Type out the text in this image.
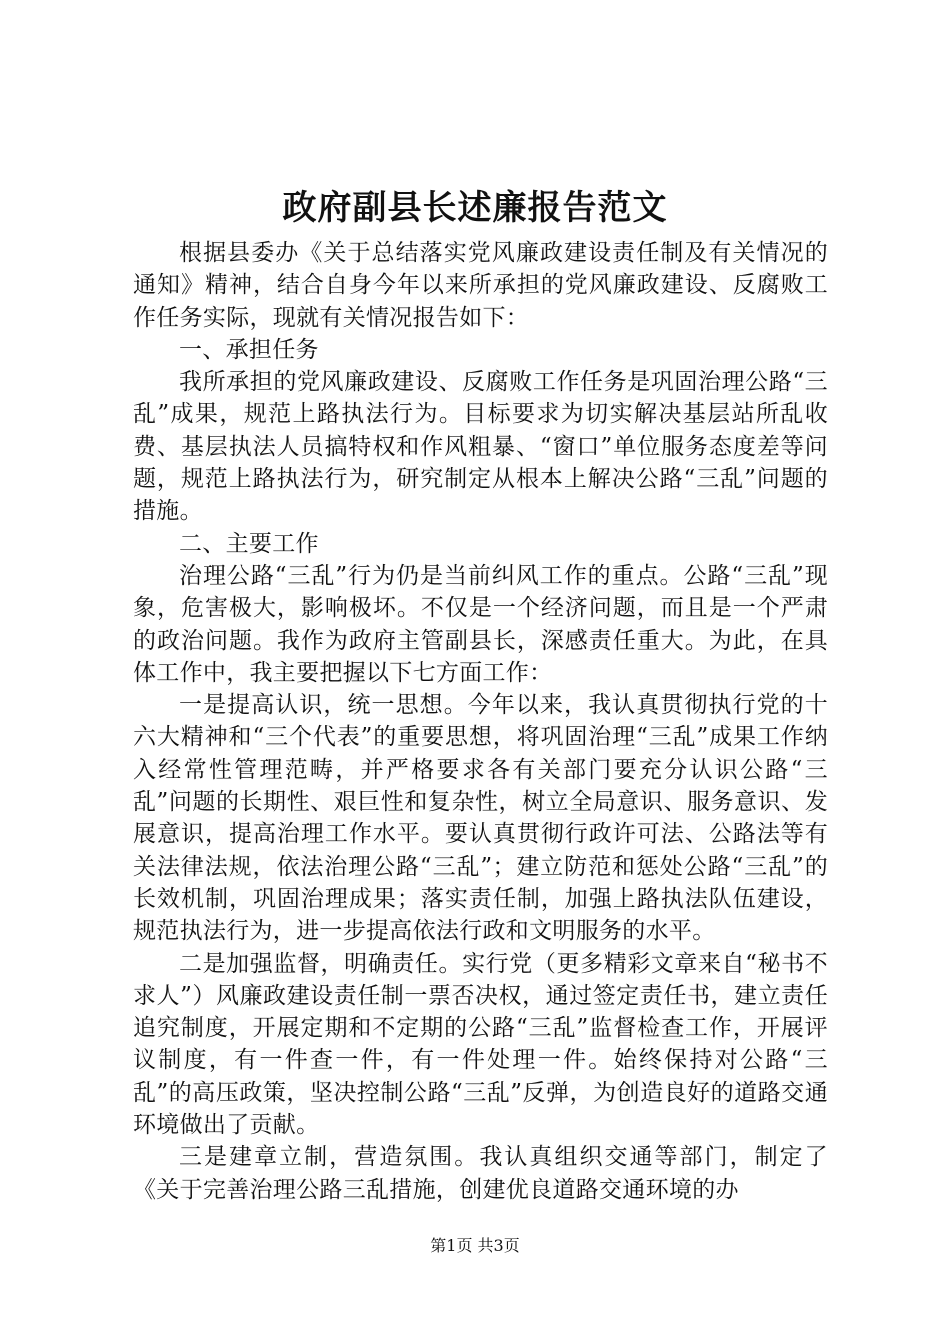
政府副县长述廉报告范文

根据县委办《关于总结落实党风廉政建设责任制及有关情况的通知》精神，结合自身今年以来所承担的党风廉政建设、反腐败工作任务实际，现就有关情况报告如下：

一、承担任务

我所承担的党风廉政建设、反腐败工作任务是巩固治理公路“三乱”成果，规范上路执法行为。目标要求为切实解决基层站所乱收费、基层执法人员搞特权和作风粗暴、“窗口”单位服务态度差等问题，规范上路执法行为，研究制定从根本上解决公路“三乱”问题的措施。

二、主要工作

治理公路“三乱”行为仍是当前纠风工作的重点。公路“三乱”现象，危害极大，影响极坏。不仅是一个经济问题，而且是一个严肃的政治问题。我作为政府主管副县长，深感责任重大。为此，在具体工作中，我主要把握以下七方面工作：

一是提高认识，统一思想。今年以来，我认真贯彻执行党的十六大精神和“三个代表”的重要思想，将巩固治理“三乱”成果工作纳入经常性管理范畴，并严格要求各有关部门要充分认识公路“三乱”问题的长期性、艰巨性和复杂性，树立全局意识、服务意识、发展意识，提高治理工作水平。要认真贯彻行政许可法、公路法等有关法律法规，依法治理公路“三乱”；建立防范和惩处公路“三乱”的长效机制，巩固治理成果；落实责任制，加强上路执法队伍建设，规范执法行为，进一步提高依法行政和文明服务的水平。

二是加强监督，明确责任。实行党（更多精彩文章来自“秘书不求人”）风廉政建设责任制一票否决权，通过签定责任书，建立责任追究制度，开展定期和不定期的公路“三乱”监督检查工作，开展评议制度，有一件查一件，有一件处理一件。始终保持对公路“三乱”的高压政策，坚决控制公路“三乱”反弹，为创造良好的道路交通环境做出了贡献。

三是建章立制，营造氛围。我认真组织交通等部门，制定了《关于完善治理公路三乱措施，创建优良道路交通环境的办

第1页 共3页
